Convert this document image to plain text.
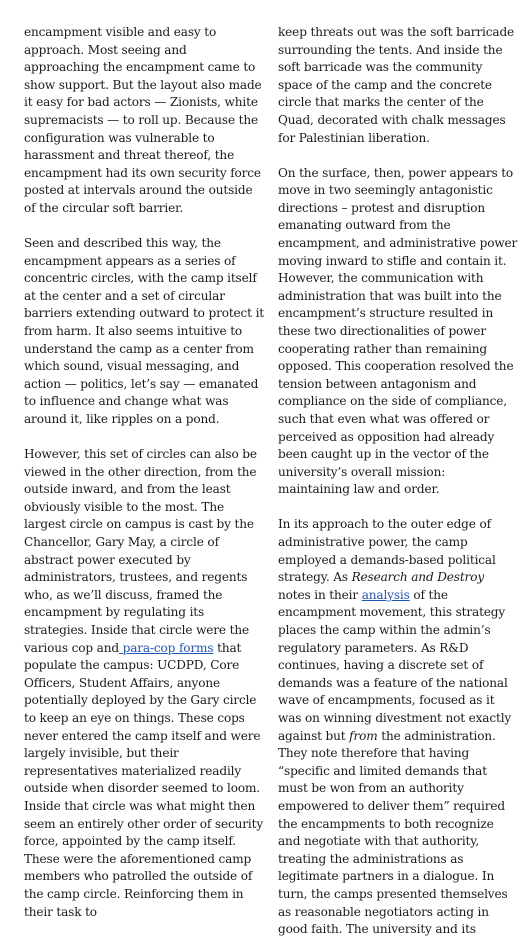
encampment visible and easy to approach. Most seeing and approaching the encampment came to show support. But the layout also made it easy for bad actors — Zionists, white supremacists — to roll up. Because the configuration was vulnerable to harassment and threat thereof, the encampment had its own security force posted at intervals around the outside of the circular soft barrier.

Seen and described this way, the encampment appears as a series of concentric circles, with the camp itself at the center and a set of circular barriers extending outward to protect it from harm. It also seems intuitive to understand the camp as a center from which sound, visual messaging, and action — politics, let’s say — emanated to influence and change what was around it, like ripples on a pond.

However, this set of circles can also be viewed in the other direction, from the outside inward, and from the least obviously visible to the most. The largest circle on campus is cast by the Chancellor, Gary May, a circle of abstract power executed by administrators, trustees, and regents who, as we’ll discuss, framed the encampment by regulating its strategies. Inside that circle were the various cop and para-cop forms that populate the campus: UCDPD, Core Officers, Student Affairs, anyone potentially deployed by the Gary circle to keep an eye on things. These cops never entered the camp itself and were largely invisible, but their representatives materialized readily outside when disorder seemed to loom. Inside that circle was what might then seem an entirely other order of security force, appointed by the camp itself. These were the aforementioned camp members who patrolled the outside of the camp circle. Reinforcing them in their task to

keep threats out was the soft barricade surrounding the tents. And inside the soft barricade was the community space of the camp and the concrete circle that marks the center of the Quad, decorated with chalk messages for Palestinian liberation.

On the surface, then, power appears to move in two seemingly antagonistic directions – protest and disruption emanating outward from the encampment, and administrative power moving inward to stifle and contain it. However, the communication with administration that was built into the encampment’s structure resulted in these two directionalities of power cooperating rather than remaining opposed. This cooperation resolved the tension between antagonism and compliance on the side of compliance, such that even what was offered or perceived as opposition had already been caught up in the vector of the university’s overall mission: maintaining law and order.

In its approach to the outer edge of administrative power, the camp employed a demands-based political strategy. As Research and Destroy notes in their analysis of the encampment movement, this strategy places the camp within the admin’s regulatory parameters. As R&D continues, having a discrete set of demands was a feature of the national wave of encampments, focused as it was on winning divestment not exactly against but from the administration. They note therefore that having “specific and limited demands that must be won from an authority empowered to deliver them” required the encampments to both recognize and negotiate with that authority, treating the administrations as legitimate partners in a dialogue. In turn, the camps presented themselves as reasonable negotiators acting in good faith. The university and its
